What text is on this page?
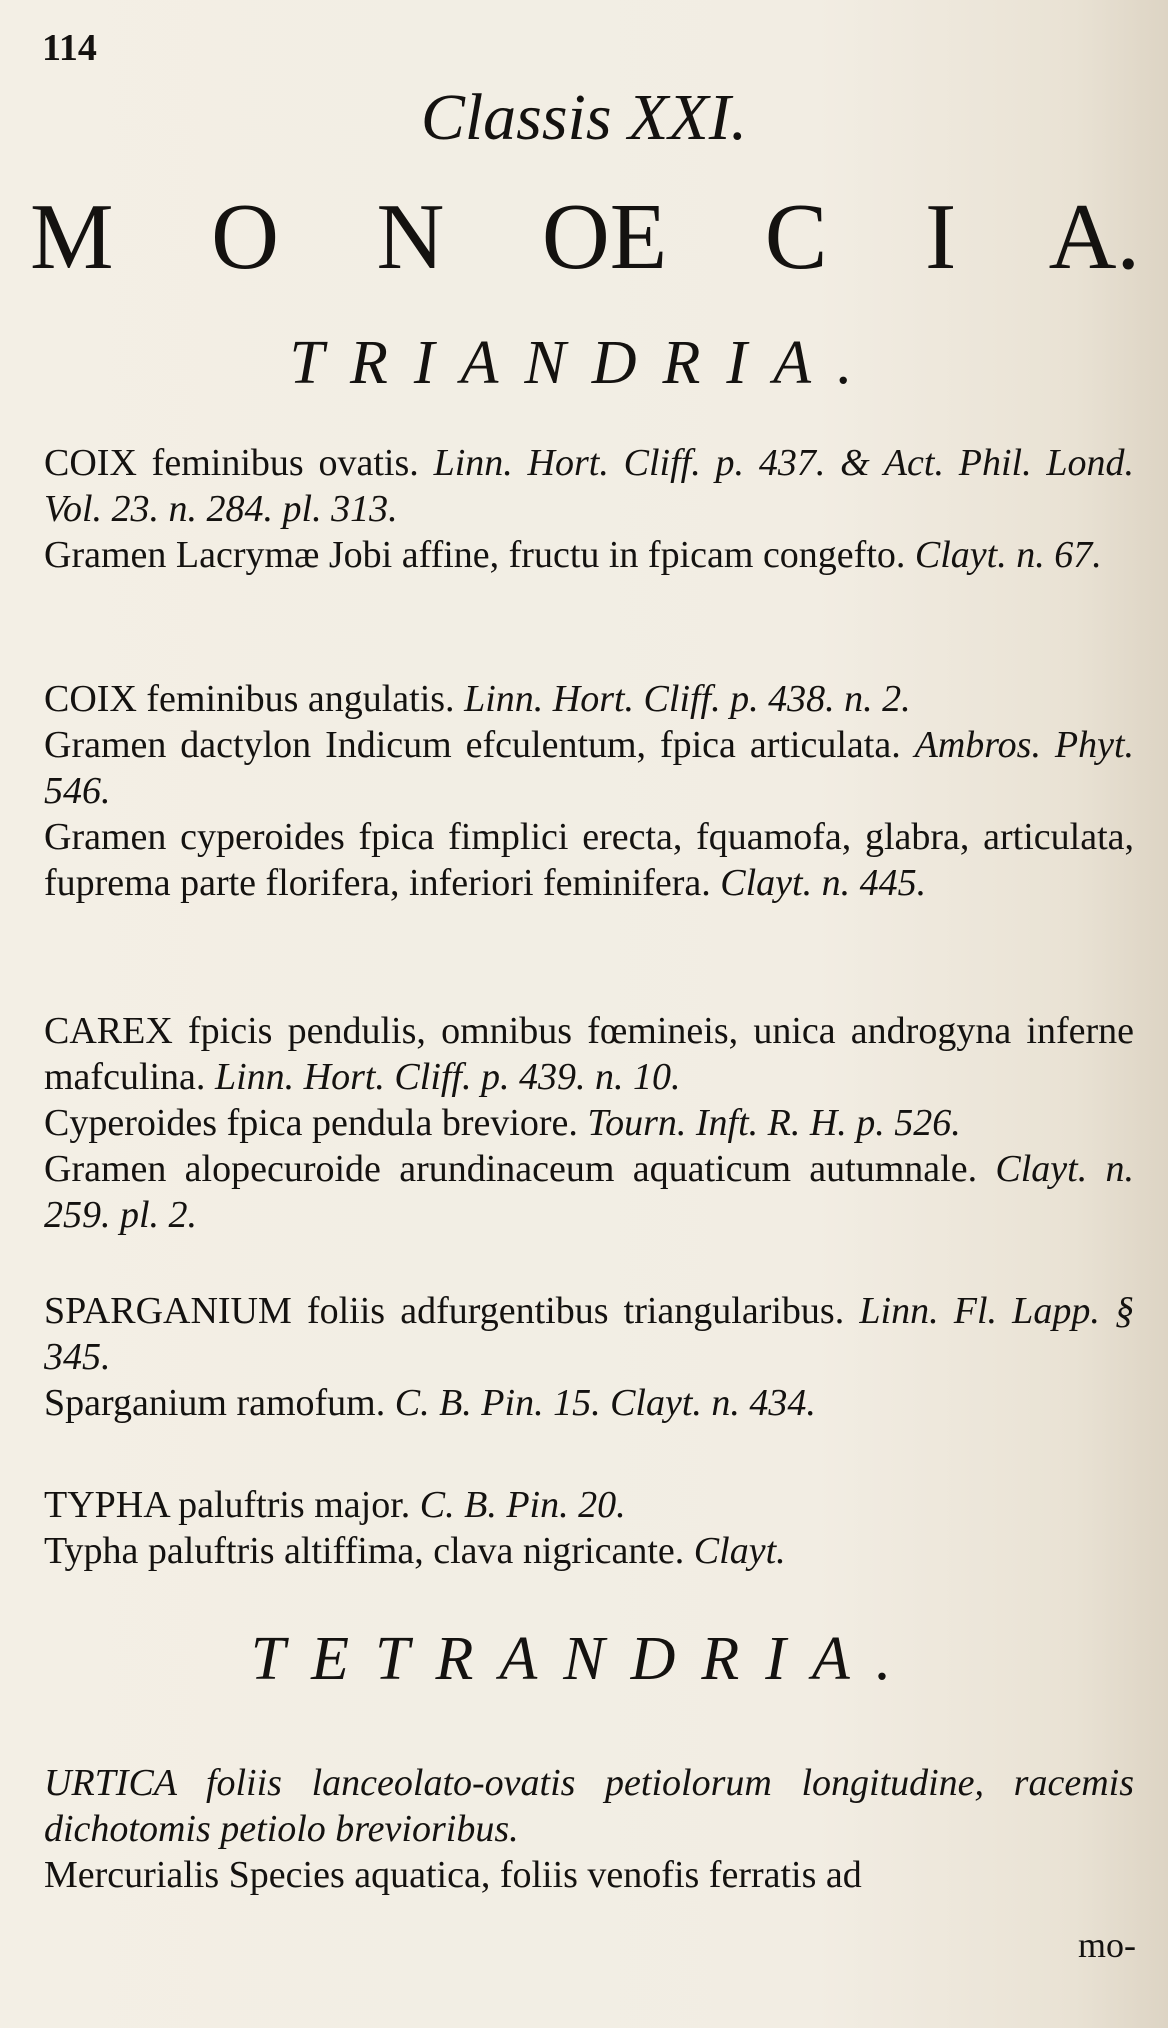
114
Classis XXI.
M O N OE C I A.
TRIANDRIA.

COIX feminibus ovatis. Linn. Hort. Cliff. p. 437. & Act. Phil. Lond. Vol. 23. n. 284. pl. 313.

Gramen Lacrymæ Jobi affine, fructu in fpicam congefto. Clayt. n. 67.

COIX feminibus angulatis. Linn. Hort. Cliff. p. 438. n. 2.

Gramen dactylon Indicum efculentum, fpica articulata. Ambros. Phyt. 546.

Gramen cyperoides fpica fimplici erecta, fquamofa, glabra, articulata, fuprema parte florifera, inferiori feminifera. Clayt. n. 445.

CAREX fpicis pendulis, omnibus fœmineis, unica androgyna inferne mafculina. Linn. Hort. Cliff. p. 439. n. 10.

Cyperoides fpica pendula breviore. Tourn. Inft. R. H. p. 526.

Gramen alopecuroide arundinaceum aquaticum autumnale. Clayt. n. 259. pl. 2.

SPARGANIUM foliis adfurgentibus triangularibus. Linn. Fl. Lapp. § 345.

Sparganium ramofum. C. B. Pin. 15. Clayt. n. 434.

TYPHA paluftris major. C. B. Pin. 20.

Typha paluftris altiffima, clava nigricante. Clayt.

TETRANDRIA.

URTICA foliis lanceolato-ovatis petiolorum longitudine, racemis dichotomis petiolo brevioribus.

Mercurialis Species aquatica, foliis venofis ferratis ad

mo-
